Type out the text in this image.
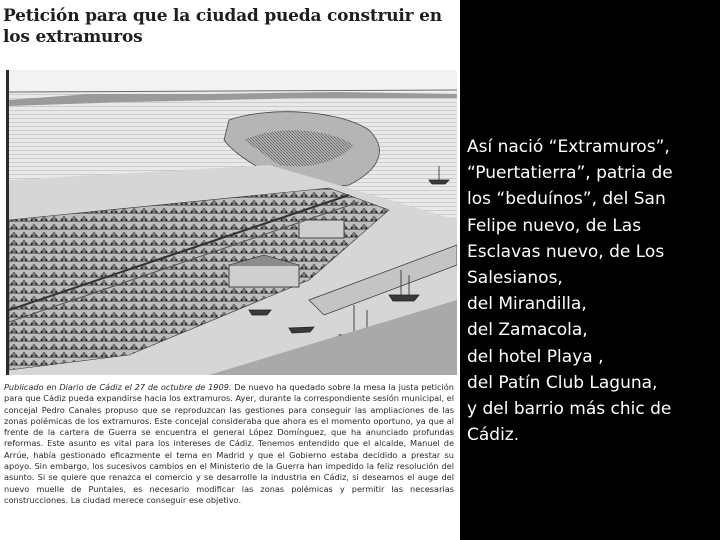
Petición para que la ciudad pueda construir en los extramuros
Publicado en Diario de Cádiz el 27 de octubre de 1909. De nuevo ha quedado sobre la mesa la justa petición para que Cádiz pueda expandirse hacia los extramuros. Ayer, durante la correspondiente sesión municipal, el concejal Pedro Canales propuso que se reproduzcan las gestiones para conseguir las ampliaciones de las zonas polémicas de los extramuros. Este concejal consideraba que ahora es el momento oportuno, ya que al frente de la cartera de Guerra se encuentra el general López Domínguez, que ha anunciado profundas reformas. Este asunto es vital para los intereses de Cádiz. Tenemos entendido que el alcalde, Manuel de Arrúe, había gestionado eficazmente el tema en Madrid y que el Gobierno estaba decidido a prestar su apoyo. Sin embargo, los sucesivos cambios en el Ministerio de la Guerra han impedido la feliz resolución del asunto. Si se quiere que renazca el comercio y se desarrolle la industria en Cádiz, si deseamos el auge del nuevo muelle de Puntales, es necesario modificar las zonas polémicas y permitir las necesarias construcciones. La ciudad merece conseguir ese objetivo.
Así nació “Extramuros”,
“Puertatierra”, patria de
los “beduínos”, del San
Felipe nuevo, de Las
Esclavas nuevo, de Los
Salesianos,
del Mirandilla,
del Zamacola,
del hotel Playa ,
del Patín Club Laguna,
y del barrio más chic de
Cádiz.
